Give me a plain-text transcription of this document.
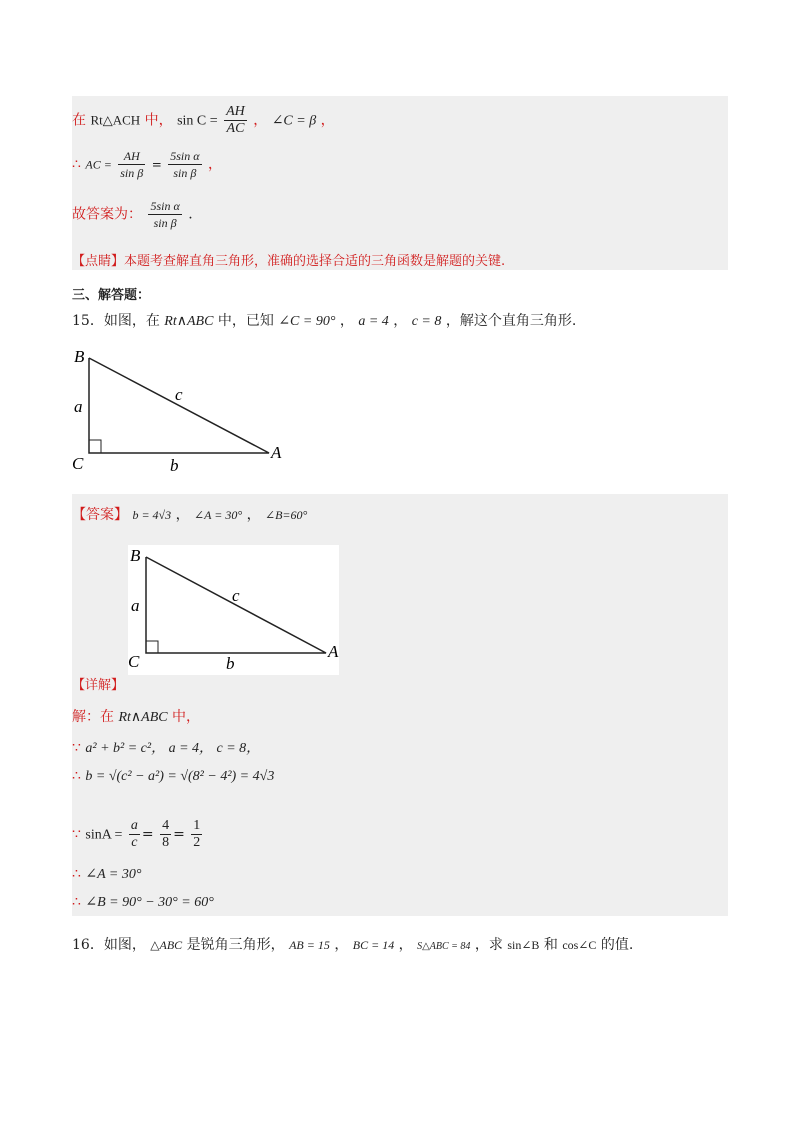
在 Rt△ACH 中， $\sin C = \frac{AH}{AC}$ ， ∠C = β ，
∴ AC = $\frac{AH}{\text{sin β}} = \frac{\text{5sin α}}{\text{sin β}}$ ，
故答案为： $\frac{\text{5sin α}}{\text{sin β}}$ .
【点睛】本题考查解直角三角形，准确的选择合适的三角函数是解题的关键.
三、解答题：
15．如图，在 Rt∧ABC 中，已知 ∠C = 90° ， a = 4 ， c = 8 ，解这个直角三角形.
B
a
c
C	b
A
【答案】 b = 4√3 ， ∠A = 30° ， ∠B=60°
B
a
c
C	b
A
【详解】
解：在 Rt∧ABC 中，
∵ a² + b² = c²， a = 4， c = 8，
∴ b = √(c² − a²) = √(8² − 4²) = 4√3
∵ $\sin A = \frac{a}{c} = \frac{4}{8} = \frac{1}{2}$
∴ ∠A = 30°
∴ ∠B = 90° − 30° = 60°
16．如图， △ABC 是锐角三角形， AB = 15 ， BC = 14 ， S△ABC = 84 ，求 sin∠B 和 cos∠C 的值.
